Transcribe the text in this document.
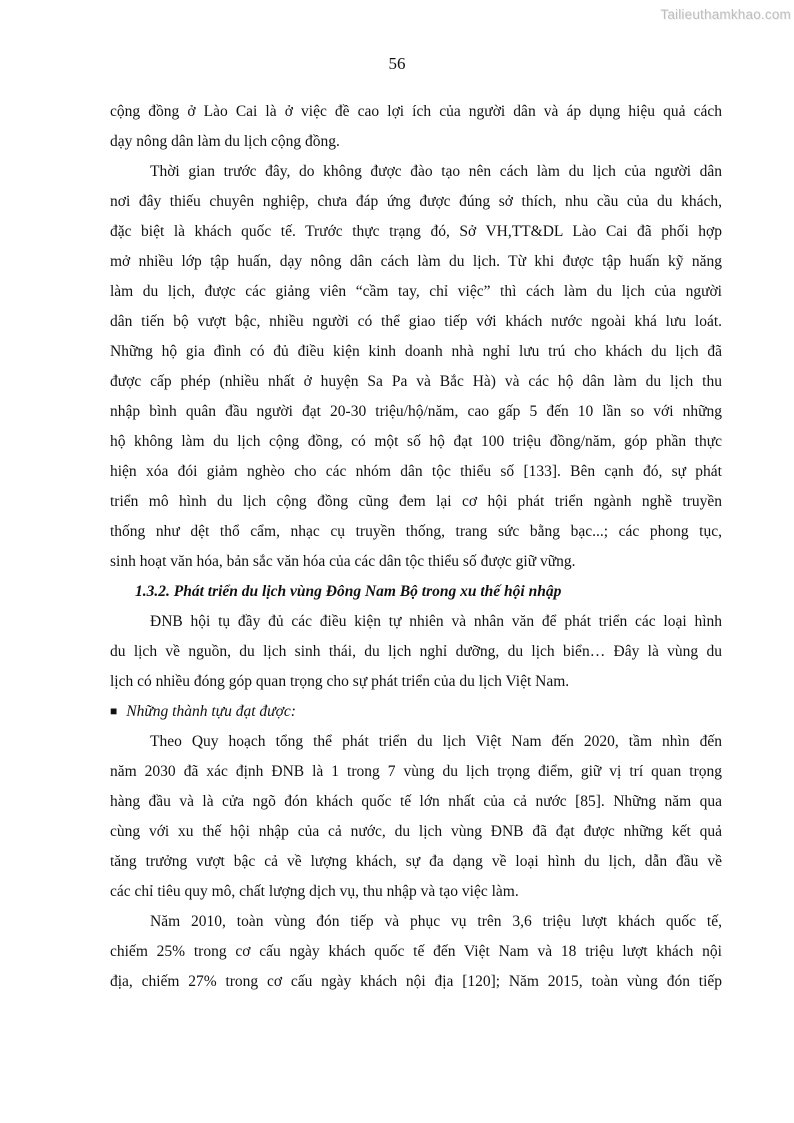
Tailieuthamkhao.com
56
cộng đồng ở Lào Cai là ở việc đề cao lợi ích của người dân và áp dụng hiệu quả cách
dạy nông dân làm du lịch cộng đồng.
Thời gian trước đây, do không được đào tạo nên cách làm du lịch của người dân
nơi đây thiếu chuyên nghiệp, chưa đáp ứng được đúng sở thích, nhu cầu của du khách,
đặc biệt là khách quốc tế. Trước thực trạng đó, Sở VH,TT&DL Lào Cai đã phối hợp
mở nhiều lớp tập huấn, dạy nông dân cách làm du lịch. Từ khi được tập huấn kỹ năng
làm du lịch, được các giảng viên “cầm tay, chỉ việc” thì cách làm du lịch của người
dân tiến bộ vượt bậc, nhiều người có thể giao tiếp với khách nước ngoài khá lưu loát.
Những hộ gia đình có đủ điều kiện kinh doanh nhà nghỉ lưu trú cho khách du lịch đã
được cấp phép (nhiều nhất ở huyện Sa Pa và Bắc Hà) và các hộ dân làm du lịch thu
nhập bình quân đầu người đạt 20-30 triệu/hộ/năm, cao gấp 5 đến 10 lần so với những
hộ không làm du lịch cộng đồng, có một số hộ đạt 100 triệu đồng/năm, góp phần thực
hiện xóa đói giảm nghèo cho các nhóm dân tộc thiểu số [133]. Bên cạnh đó, sự phát
triển mô hình du lịch cộng đồng cũng đem lại cơ hội phát triển ngành nghề truyền
thống như dệt thổ cẩm, nhạc cụ truyền thống, trang sức bằng bạc...; các phong tục,
sinh hoạt văn hóa, bản sắc văn hóa của các dân tộc thiểu số được giữ vững.
1.3.2. Phát triển du lịch vùng Đông Nam Bộ trong xu thế hội nhập
ĐNB hội tụ đầy đủ các điều kiện tự nhiên và nhân văn để phát triển các loại hình
du lịch về nguồn, du lịch sinh thái, du lịch nghỉ dưỡng, du lịch biển… Đây là vùng du
lịch có nhiều đóng góp quan trọng cho sự phát triển của du lịch Việt Nam.
■ Những thành tựu đạt được:
Theo Quy hoạch tổng thể phát triển du lịch Việt Nam đến 2020, tầm nhìn đến
năm 2030 đã xác định ĐNB là 1 trong 7 vùng du lịch trọng điểm, giữ vị trí quan trọng
hàng đầu và là cửa ngõ đón khách quốc tế lớn nhất của cả nước [85]. Những năm qua
cùng với xu thế hội nhập của cả nước, du lịch vùng ĐNB đã đạt được những kết quả
tăng trưởng vượt bậc cả về lượng khách, sự đa dạng về loại hình du lịch, dẫn đầu về
các chỉ tiêu quy mô, chất lượng dịch vụ, thu nhập và tạo việc làm.
Năm 2010, toàn vùng đón tiếp và phục vụ trên 3,6 triệu lượt khách quốc tế,
chiếm 25% trong cơ cấu ngày khách quốc tế đến Việt Nam và 18 triệu lượt khách nội
địa, chiếm 27% trong cơ cấu ngày khách nội địa [120]; Năm 2015, toàn vùng đón tiếp
